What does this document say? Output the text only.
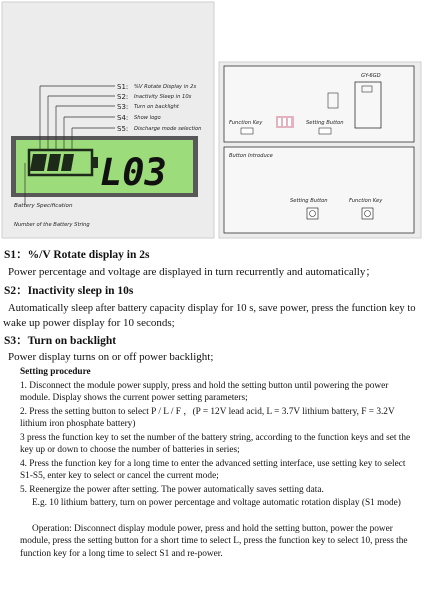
L03
S1: %V Rotate Display in 2s
S2: Inactivity Sleep in 10s
S3: Turn on backlight
S4: Show logo
S5: Discharge mode selection
Battery Specification
Number of the Battery String
GY-6GD
Function Key	Setting Button
Button Introduce
Setting Button	Function Key
S1：%/V Rotate display in 2s
Power percentage and voltage are displayed in turn recurrently and automatically；
S2：Inactivity sleep in 10s
Automatically sleep after battery capacity display for 10 s, save power, press the function key to
wake up power display for 10 seconds;
S3：Turn on backlight
Power display turns on or off power backlight;
Setting procedure
1. Disconnect the module power supply, press and hold the setting button until powering the power module. Display shows the current power setting parameters;
2. Press the setting button to select P / L / F ，(P = 12V lead acid, L = 3.7V lithium battery, F = 3.2V lithium iron phosphate battery)
3 press the function key to set the number of the battery string, according to the function keys and set the key up or down to choose the number of batteries in series;
4. Press the function key for a long time to enter the advanced setting interface, use setting key to select S1-S5, enter key to select or cancel the current mode;
5. Reenergize the power after setting. The power automatically saves setting data.
E.g. 10 lithium battery, turn on power percentage and voltage automatic rotation display (S1 mode)
Operation: Disconnect display module power, press and hold the setting button, power the power module, press the setting button for a short time to select L, press the function key to select 10, press the function key for a long time to select S1 and re-power.
